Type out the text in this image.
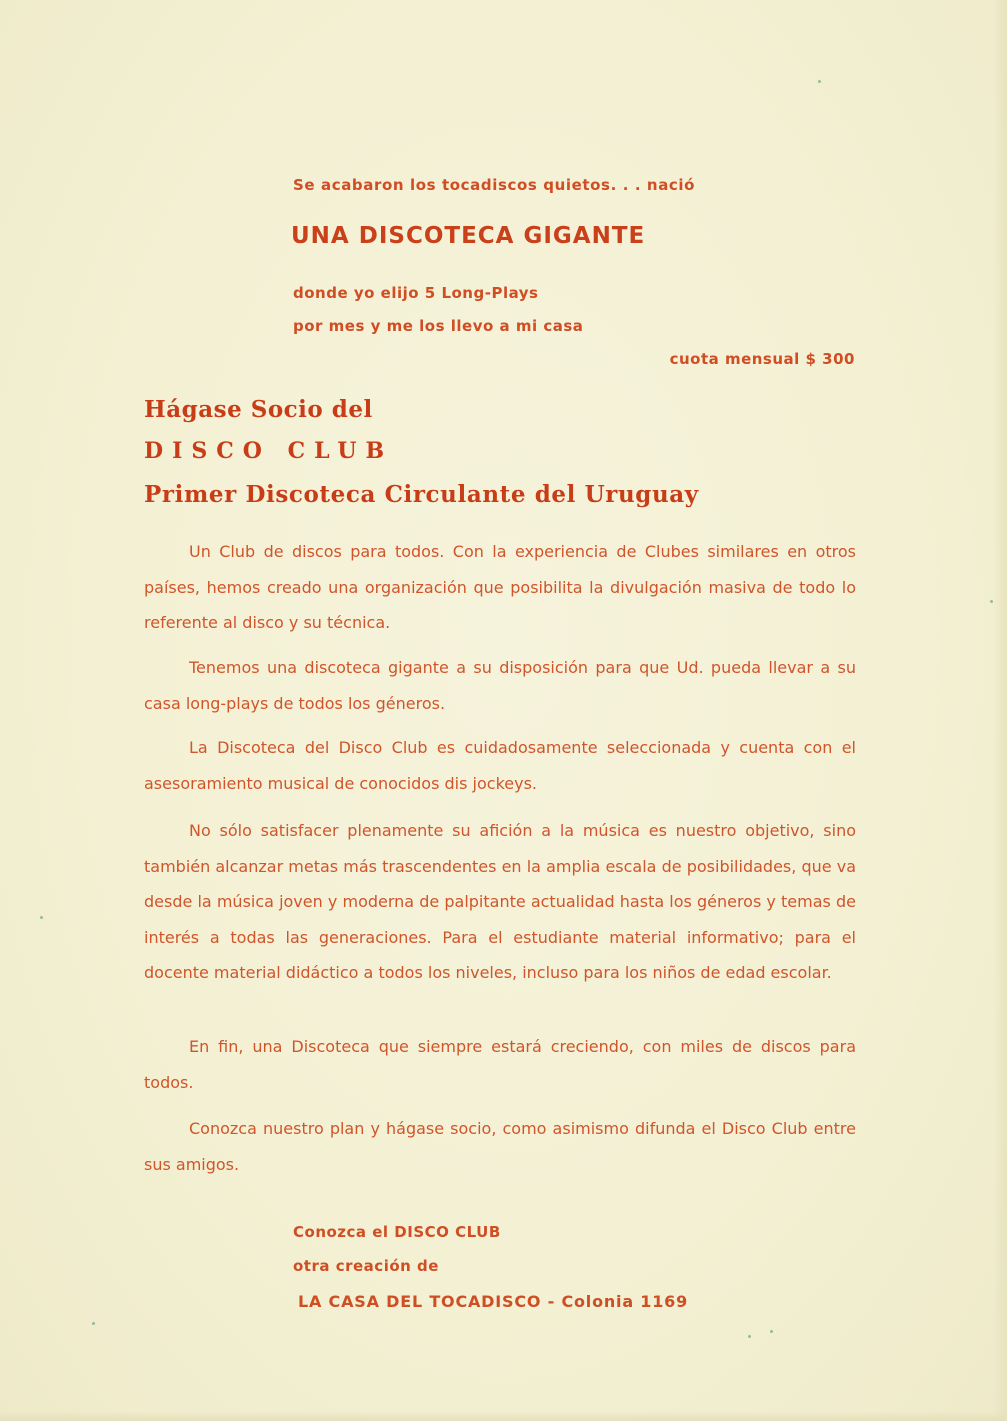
Se acabaron los tocadiscos quietos. . . nació
UNA DISCOTECA GIGANTE
donde yo elijo 5 Long-Plays
por mes y me los llevo a mi casa
cuota mensual $ 300
Hágase Socio del
DISCO CLUB
Primer Discoteca Circulante del Uruguay

Un Club de discos para todos. Con la experiencia de Clubes similares en otros países, hemos creado una organización que posibilita la divulgación masiva de todo lo referente al disco y su técnica.

Tenemos una discoteca gigante a su disposición para que Ud. pueda llevar a su casa long-plays de todos los géneros.

La Discoteca del Disco Club es cuidadosamente seleccionada y cuenta con el asesoramiento musical de conocidos dis jockeys.

No sólo satisfacer plenamente su afición a la música es nuestro objetivo, sino también alcanzar metas más trascendentes en la amplia escala de posibilidades, que va desde la música joven y moderna de palpitante actualidad hasta los géneros y temas de interés a todas las generaciones. Para el estudiante material informativo; para el docente material didáctico a todos los niveles, incluso para los niños de edad escolar.

En fin, una Discoteca que siempre estará creciendo, con miles de discos para todos.

Conozca nuestro plan y hágase socio, como asimismo difunda el Disco Club entre sus amigos.

Conozca el DISCO CLUB
otra creación de
LA CASA DEL TOCADISCO - Colonia 1169
